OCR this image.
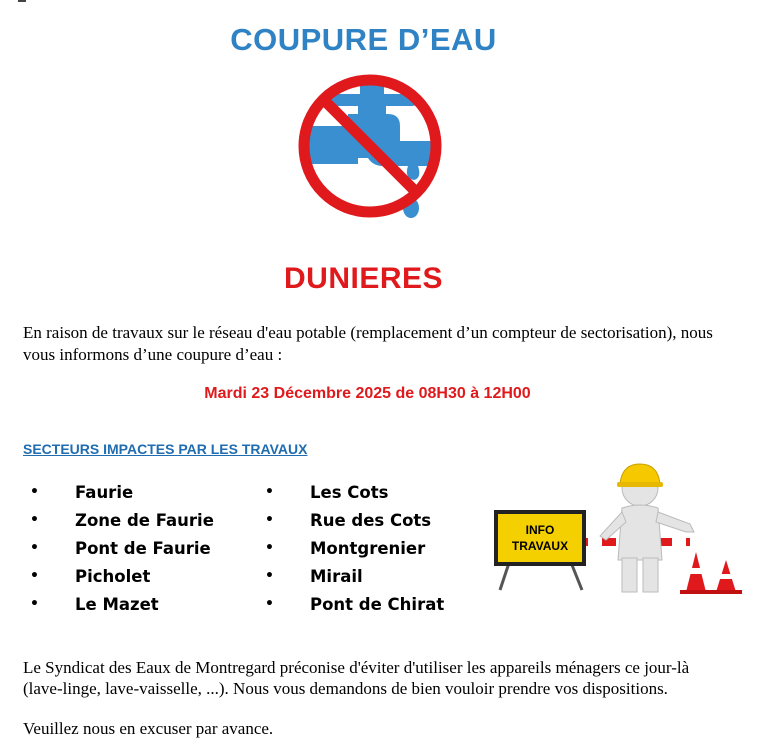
COUPURE D’EAU
DUNIERES
En raison de travaux sur le réseau d'eau potable (remplacement d’un compteur de sectorisation), nous vous informons d’une coupure d’eau :
Mardi 23 Décembre 2025 de 08H30 à 12H00
SECTEURS IMPACTES PAR LES TRAVAUX
•	Faurie
•	Zone de Faurie
•	Pont de Faurie
•	Picholet
•	Le Mazet
•	Les Cots
•	Rue des Cots
•	Montgrenier
•	Mirail
•	Pont de Chirat
INFO
TRAVAUX
Le Syndicat des Eaux de Montregard préconise d'éviter d'utiliser les appareils ménagers ce jour-là (lave-linge, lave-vaisselle, ...). Nous vous demandons de bien vouloir prendre vos dispositions.
Veuillez nous en excuser par avance.
